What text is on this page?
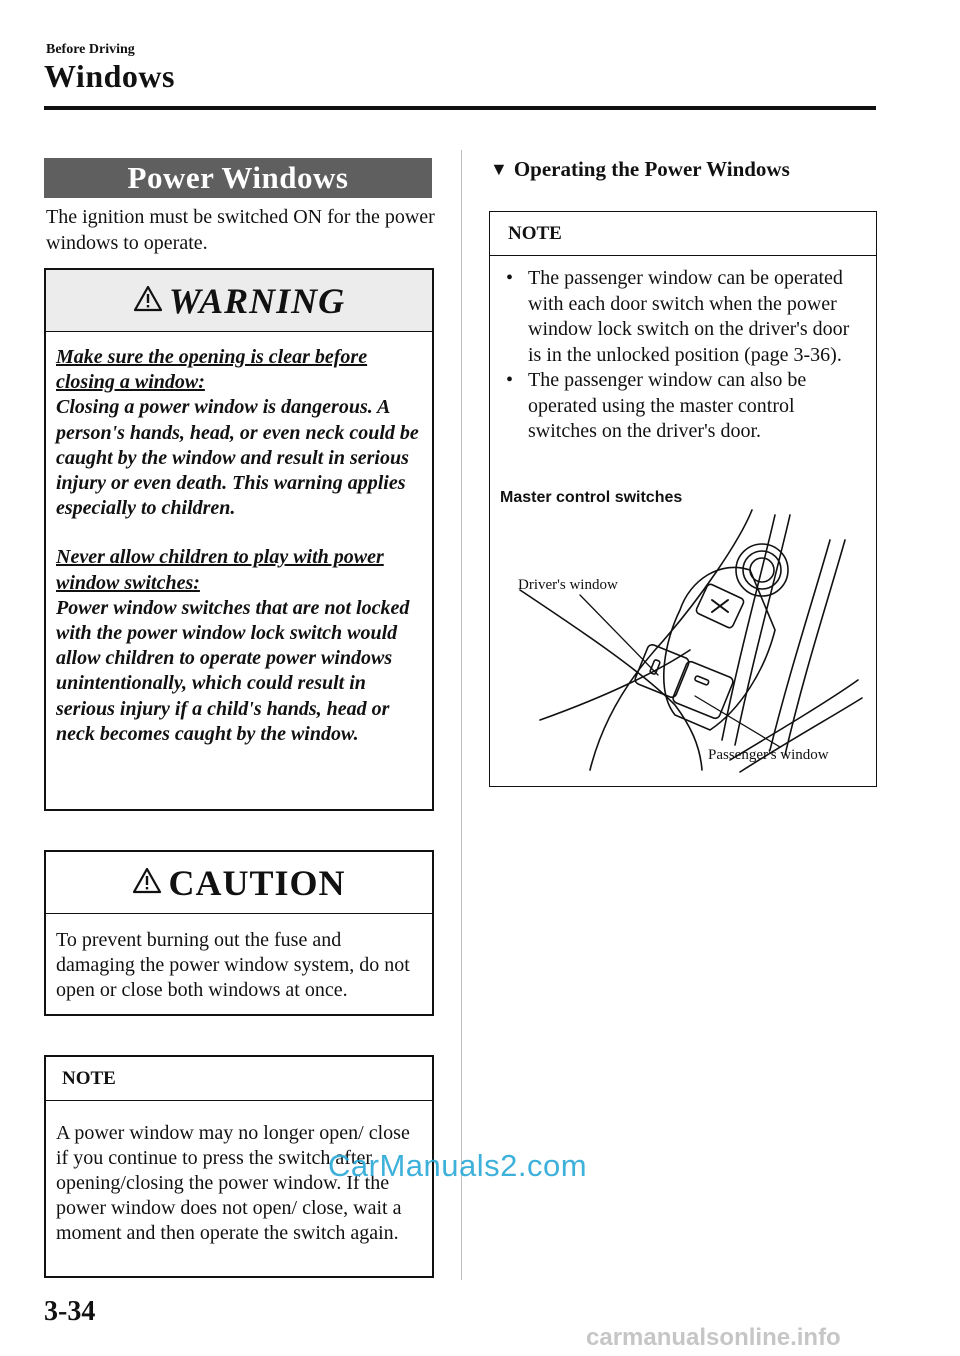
Before Driving
Windows
Power Windows
The ignition must be switched ON for the power windows to operate.
WARNING
Make sure the opening is clear before closing a window:
Closing a power window is dangerous. A person's hands, head, or even neck could be caught by the window and result in serious injury or even death. This warning applies especially to children.
Never allow children to play with power window switches:
Power window switches that are not locked with the power window lock switch would allow children to operate power windows unintentionally, which could result in serious injury if a child's hands, head or neck becomes caught by the window.
CAUTION
To prevent burning out the fuse and damaging the power window system, do not open or close both windows at once.
NOTE
A power window may no longer open/ close if you continue to press the switch after opening/closing the power window. If the power window does not open/ close, wait a moment and then operate the switch again.
▼ Operating the Power Windows
NOTE
• The passenger window can be operated with each door switch when the power window lock switch on the driver's door is in the unlocked position (page 3-36).
• The passenger window can also be operated using the master control switches on the driver's door.
Master control switches
Driver's window
Passenger's window
3-34
CarManuals2.com
carmanualsonline.info
